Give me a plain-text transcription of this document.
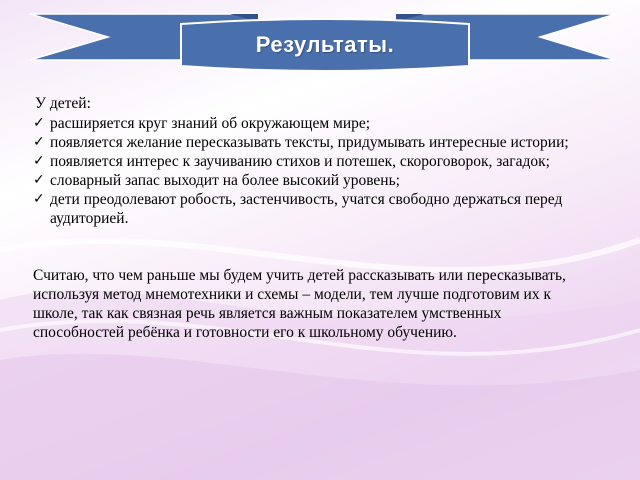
Результаты.

У детей:

✓ расширяется круг знаний об окружающем мире;
✓ появляется желание пересказывать тексты, придумывать интересные истории;
✓ появляется интерес к заучиванию стихов и потешек, скороговорок, загадок;
✓ словарный запас выходит на более высокий уровень;
✓ дети преодолевают робость, застенчивость, учатся свободно держаться перед аудиторией.

Считаю, что чем раньше мы будем учить детей рассказывать или пересказывать, используя метод мнемотехники и схемы – модели, тем лучше подготовим их к школе, так как связная речь является важным показателем умственных способностей ребёнка и готовности его к школьному обучению.
